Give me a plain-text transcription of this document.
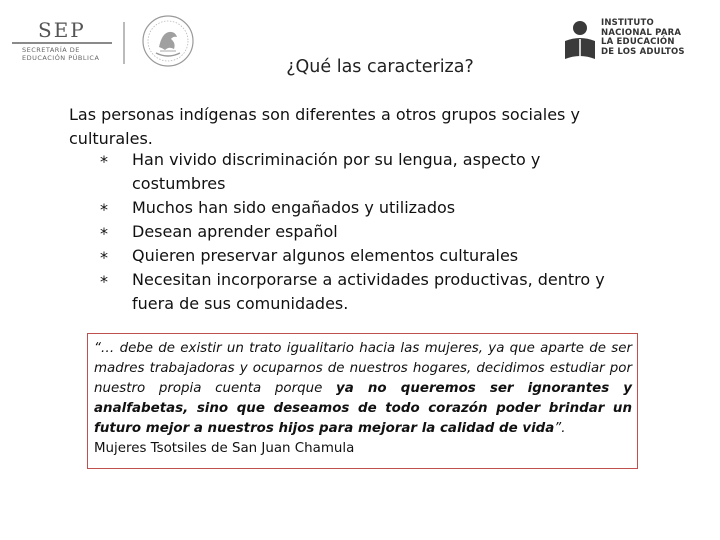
SEP
SECRETARÍA DE
EDUCACIÓN PÚBLICA
INSTITUTO
NACIONAL PARA
LA EDUCACIÓN
DE LOS ADULTOS
¿Qué las caracteriza?
Las personas indígenas son diferentes a otros grupos sociales y culturales.
* Han vivido discriminación por su lengua, aspecto y costumbres
* Muchos han sido engañados y utilizados
* Desean aprender español
* Quieren preservar algunos elementos culturales
* Necesitan incorporarse a actividades productivas, dentro y fuera de sus comunidades.
“… debe de existir un trato igualitario hacia las mujeres, ya que aparte de ser madres trabajadoras y ocuparnos de nuestros hogares, decidimos estudiar por nuestro propia cuenta porque ya no queremos ser ignorantes y analfabetas, sino que deseamos de todo corazón poder brindar un futuro mejor a nuestros hijos para mejorar la calidad de vida”.
Mujeres Tsotsiles de San Juan Chamula
